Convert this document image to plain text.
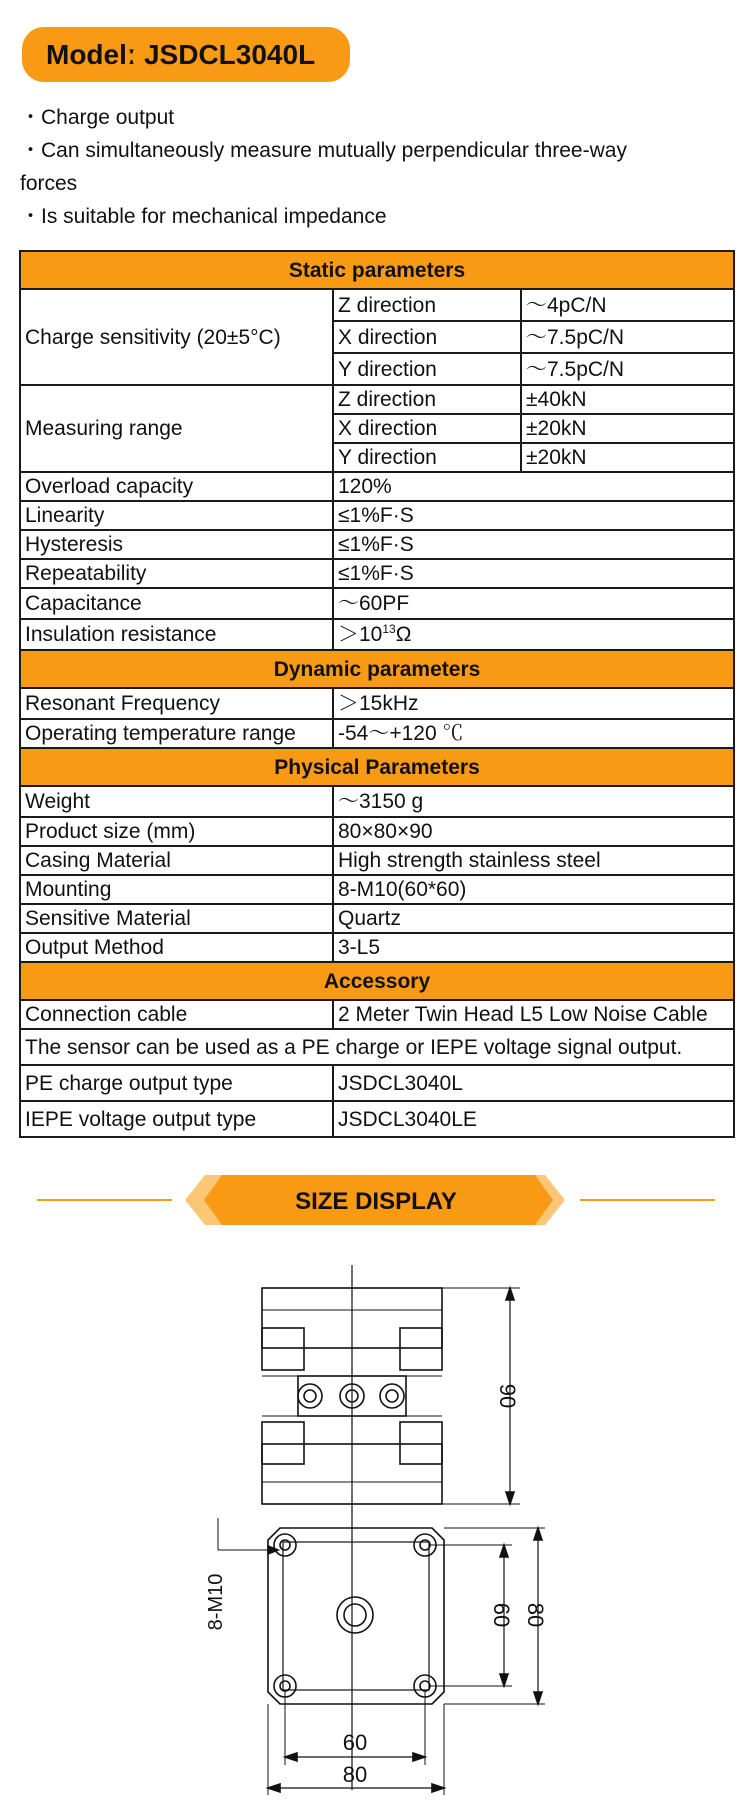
Modelː JSDCL3040L
・Charge output
・Can simultaneously measure mutually perpendicular three-way
forces
・Is suitable for mechanical impedance
Static parameters		
Charge sensitivity (20±5°C)	Z direction	～4pC/N
	X direction	～7.5pC/N
	Y direction	～7.5pC/N
Measuring range	Z direction	±40kN
	X direction	±20kN
	Y direction	±20kN
Overload capacity	120%	
Linearity	≤1%F·S	
Hysteresis	≤1%F·S	
Repeatability	≤1%F·S	
Capacitance	～60PF	
Insulation resistance	$>10^{13}\Omega$	
Dynamic parameters		
Resonant Frequency	＞15kHz	
Operating temperature range	-54～+120 ℃	
Physical Parameters		
Weight	～3150 g	
Product size (mm)	80×80×90	
Casing Material	High strength stainless steel	
Mounting	8-M10(60*60)	
Sensitive Material	Quartz	
Output Method	3-L5	
Accessory		
Connection cable	2 Meter Twin Head L5 Low Noise Cable	
The sensor can be used as a PE charge or IEPE voltage signal output.		
PE charge output type	JSDCL3040L	
IEPE voltage output type	JSDCL3040LE	
SIZE DISPLAY
90
8-M10	60 80
60
80
